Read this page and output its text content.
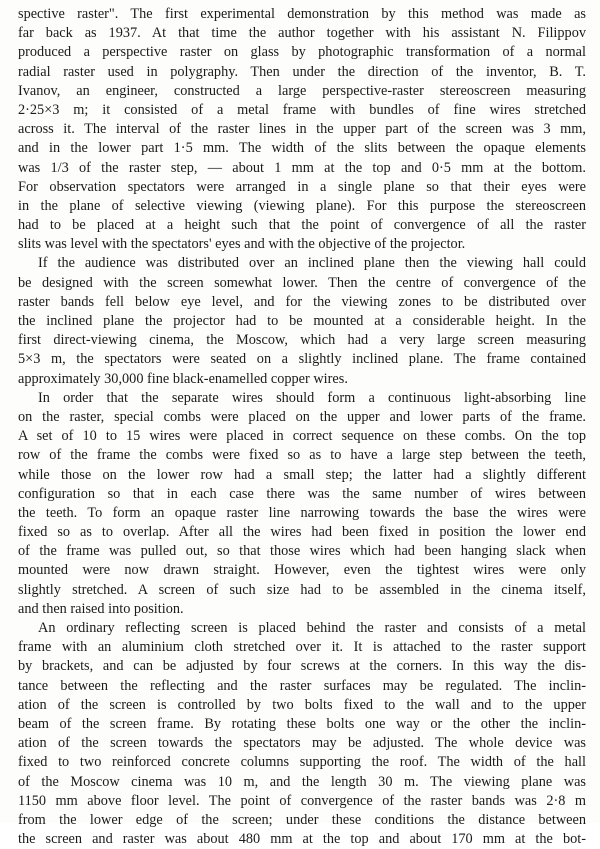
spective raster". The first experimental demonstration by this method was made as
far back as 1937. At that time the author together with his assistant N. Filippov
produced a perspective raster on glass by photographic transformation of a normal
radial raster used in polygraphy. Then under the direction of the inventor, B. T.
Ivanov, an engineer, constructed a large perspective-raster stereoscreen measuring
2·25×3 m; it consisted of a metal frame with bundles of fine wires stretched
across it. The interval of the raster lines in the upper part of the screen was 3 mm,
and in the lower part 1·5 mm. The width of the slits between the opaque elements
was 1/3 of the raster step, — about 1 mm at the top and 0·5 mm at the bottom.
For observation spectators were arranged in a single plane so that their eyes were
in the plane of selective viewing (viewing plane). For this purpose the stereoscreen
had to be placed at a height such that the point of convergence of all the raster
slits was level with the spectators' eyes and with the objective of the projector.
If the audience was distributed over an inclined plane then the viewing hall could
be designed with the screen somewhat lower. Then the centre of convergence of the
raster bands fell below eye level, and for the viewing zones to be distributed over
the inclined plane the projector had to be mounted at a considerable height. In the
first direct-viewing cinema, the Moscow, which had a very large screen measuring
5×3 m, the spectators were seated on a slightly inclined plane. The frame contained
approximately 30,000 fine black-enamelled copper wires.
In order that the separate wires should form a continuous light-absorbing line
on the raster, special combs were placed on the upper and lower parts of the frame.
A set of 10 to 15 wires were placed in correct sequence on these combs. On the top
row of the frame the combs were fixed so as to have a large step between the teeth,
while those on the lower row had a small step; the latter had a slightly different
configuration so that in each case there was the same number of wires between
the teeth. To form an opaque raster line narrowing towards the base the wires were
fixed so as to overlap. After all the wires had been fixed in position the lower end
of the frame was pulled out, so that those wires which had been hanging slack when
mounted were now drawn straight. However, even the tightest wires were only
slightly stretched. A screen of such size had to be assembled in the cinema itself,
and then raised into position.
An ordinary reflecting screen is placed behind the raster and consists of a metal
frame with an aluminium cloth stretched over it. It is attached to the raster support
by brackets, and can be adjusted by four screws at the corners. In this way the dis-
tance between the reflecting and the raster surfaces may be regulated. The inclin-
ation of the screen is controlled by two bolts fixed to the wall and to the upper
beam of the screen frame. By rotating these bolts one way or the other the inclin-
ation of the screen towards the spectators may be adjusted. The whole device was
fixed to two reinforced concrete columns supporting the roof. The width of the hall
of the Moscow cinema was 10 m, and the length 30 m. The viewing plane was
1150 mm above floor level. The point of convergence of the raster bands was 2·8 m
from the lower edge of the screen; under these conditions the distance between
the screen and raster was about 480 mm at the top and about 170 mm at the bot-
